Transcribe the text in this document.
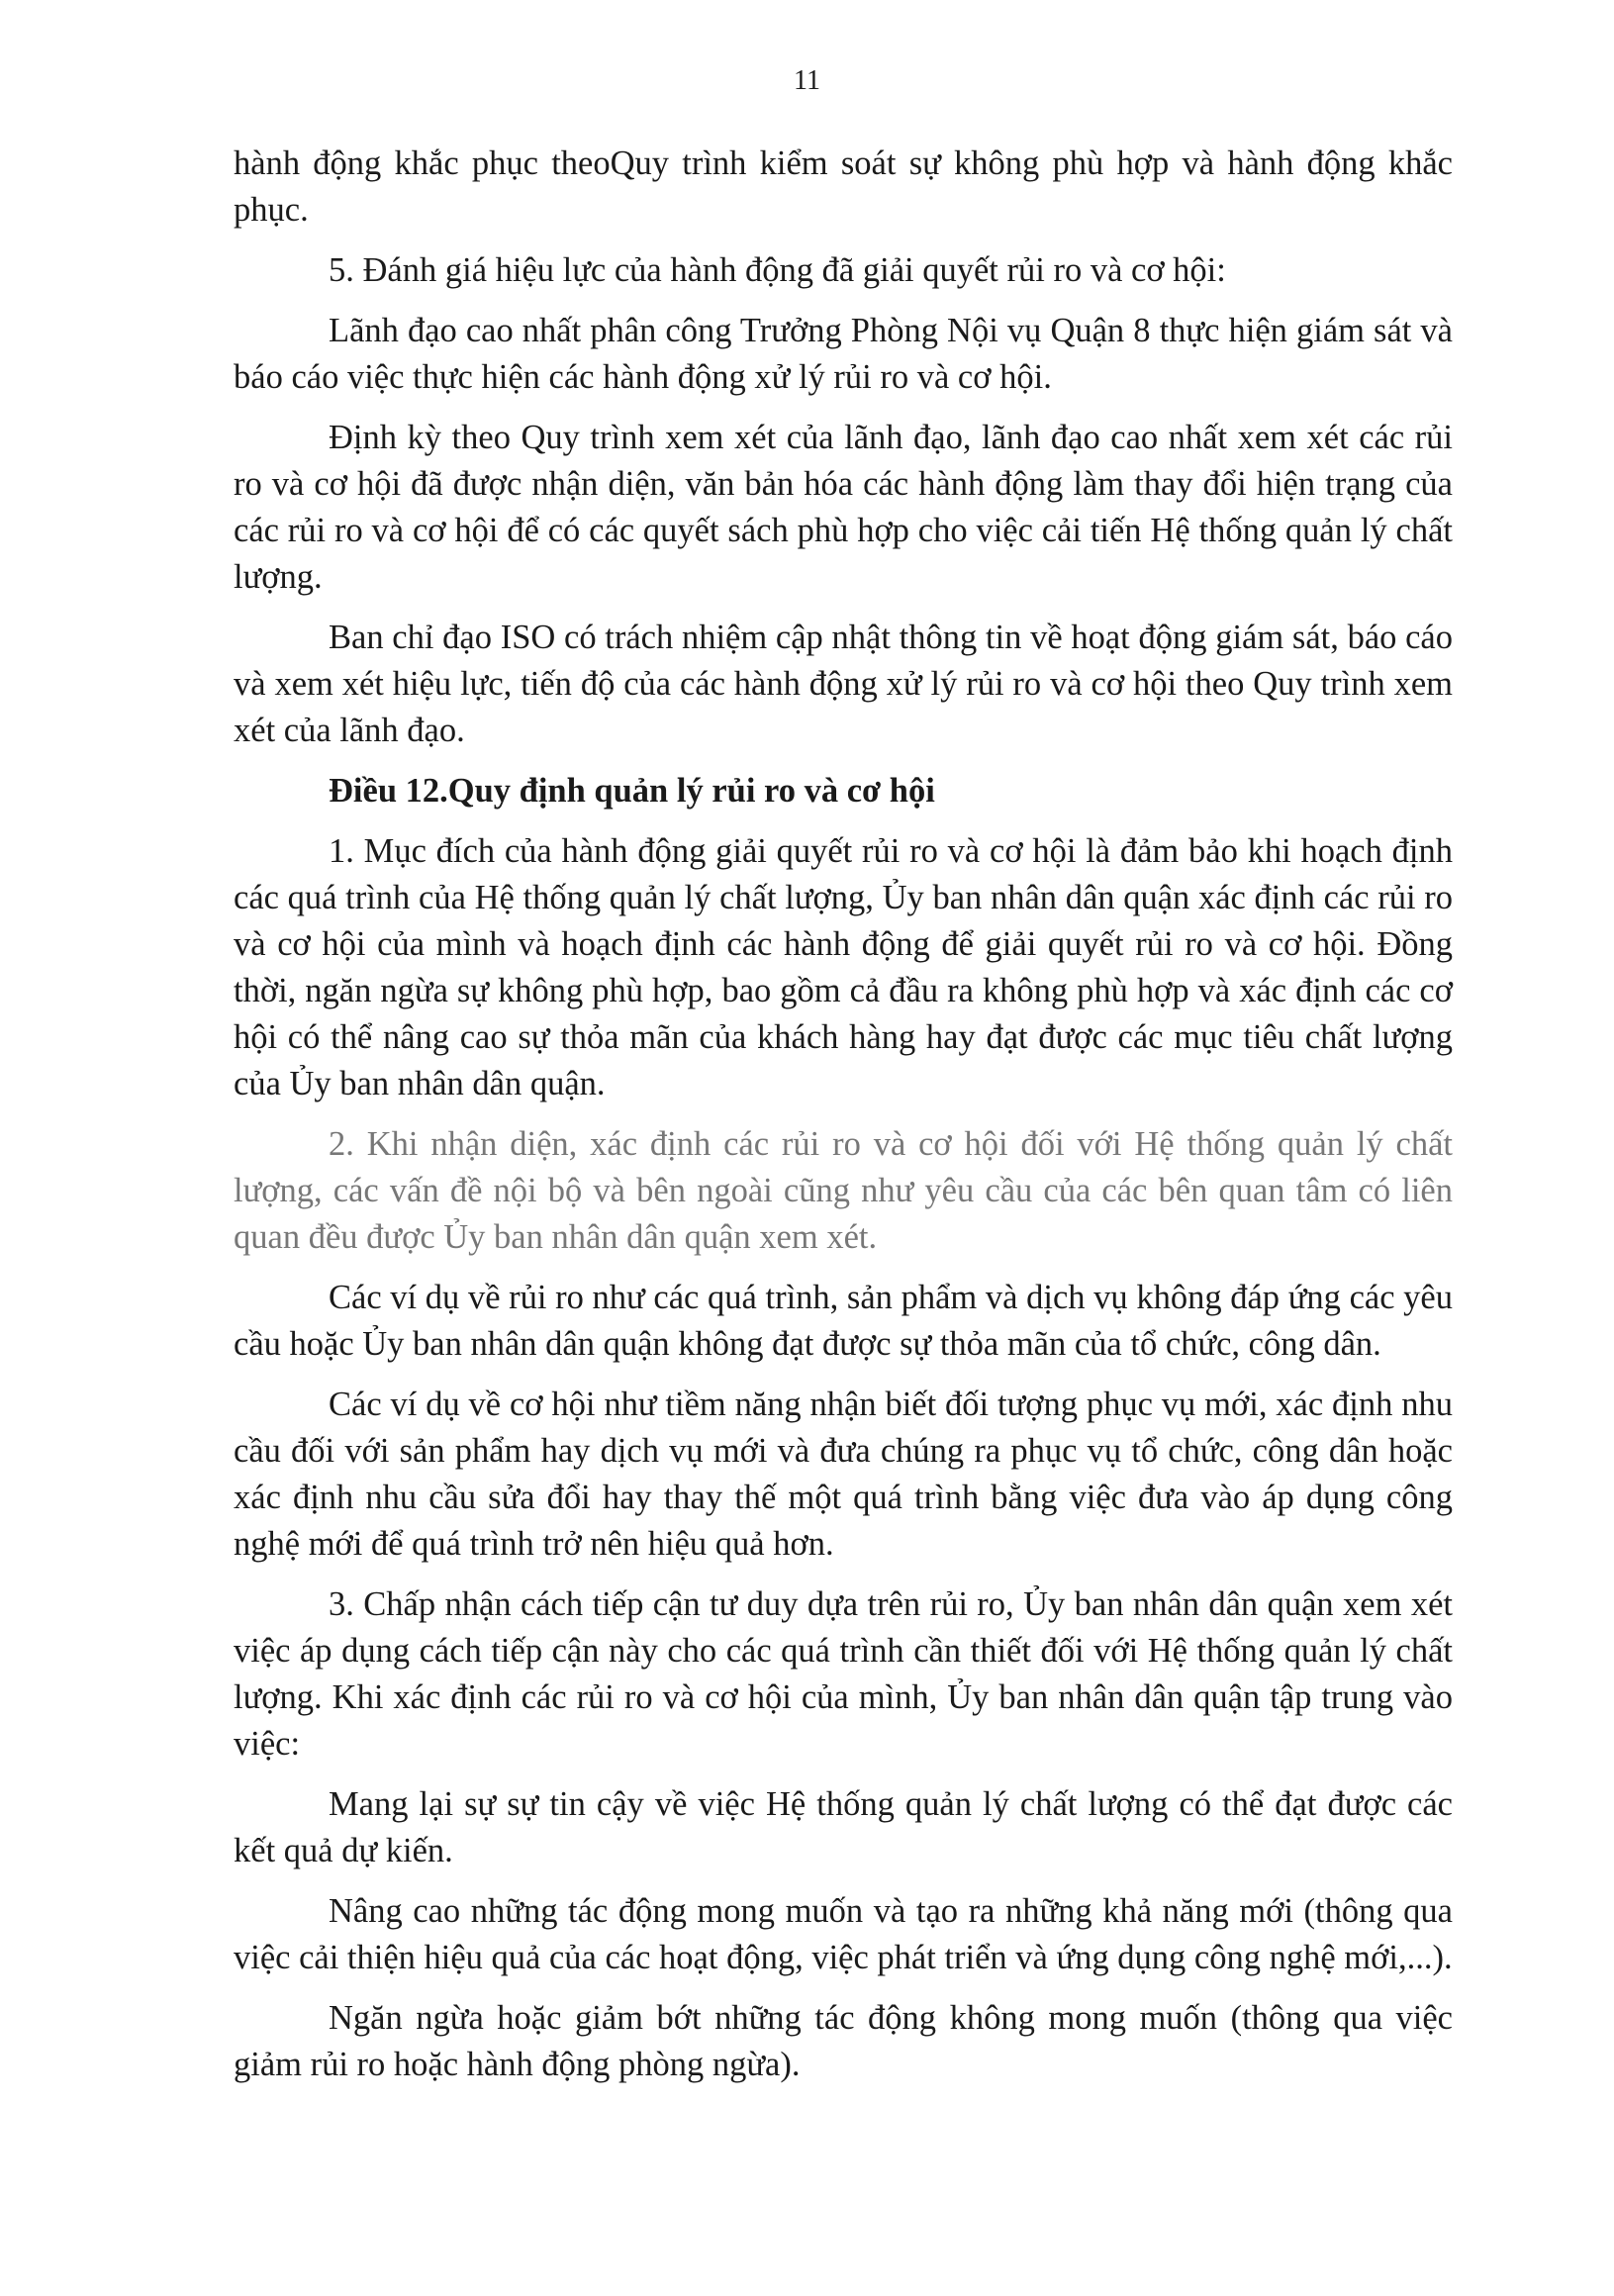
11

hành động khắc phục theoQuy trình kiểm soát sự không phù hợp và hành động khắc phục.

5. Đánh giá hiệu lực của hành động đã giải quyết rủi ro và cơ hội:

Lãnh đạo cao nhất phân công Trưởng Phòng Nội vụ Quận 8 thực hiện giám sát và báo cáo việc thực hiện các hành động xử lý rủi ro và cơ hội.

Định kỳ theo Quy trình xem xét của lãnh đạo, lãnh đạo cao nhất xem xét các rủi ro và cơ hội đã được nhận diện, văn bản hóa các hành động làm thay đổi hiện trạng của các rủi ro và cơ hội để có các quyết sách phù hợp cho việc cải tiến Hệ thống quản lý chất lượng.

Ban chỉ đạo ISO có trách nhiệm cập nhật thông tin về hoạt động giám sát, báo cáo và xem xét hiệu lực, tiến độ của các hành động xử lý rủi ro và cơ hội theo Quy trình xem xét của lãnh đạo.

Điều 12.Quy định quản lý rủi ro và cơ hội

1. Mục đích của hành động giải quyết rủi ro và cơ hội là đảm bảo khi hoạch định các quá trình của Hệ thống quản lý chất lượng, Ủy ban nhân dân quận xác định các rủi ro và cơ hội của mình và hoạch định các hành động để giải quyết rủi ro và cơ hội. Đồng thời, ngăn ngừa sự không phù hợp, bao gồm cả đầu ra không phù hợp và xác định các cơ hội có thể nâng cao sự thỏa mãn của khách hàng hay đạt được các mục tiêu chất lượng của Ủy ban nhân dân quận.

2. Khi nhận diện, xác định các rủi ro và cơ hội đối với Hệ thống quản lý chất lượng, các vấn đề nội bộ và bên ngoài cũng như yêu cầu của các bên quan tâm có liên quan đều được Ủy ban nhân dân quận xem xét.

Các ví dụ về rủi ro như các quá trình, sản phẩm và dịch vụ không đáp ứng các yêu cầu hoặc Ủy ban nhân dân quận không đạt được sự thỏa mãn của tổ chức, công dân.

Các ví dụ về cơ hội như tiềm năng nhận biết đối tượng phục vụ mới, xác định nhu cầu đối với sản phẩm hay dịch vụ mới và đưa chúng ra phục vụ tổ chức, công dân hoặc xác định nhu cầu sửa đổi hay thay thế một quá trình bằng việc đưa vào áp dụng công nghệ mới để quá trình trở nên hiệu quả hơn.

3. Chấp nhận cách tiếp cận tư duy dựa trên rủi ro, Ủy ban nhân dân quận xem xét việc áp dụng cách tiếp cận này cho các quá trình cần thiết đối với Hệ thống quản lý chất lượng. Khi xác định các rủi ro và cơ hội của mình, Ủy ban nhân dân quận tập trung vào việc:

Mang lại sự sự tin cậy về việc Hệ thống quản lý chất lượng có thể đạt được các kết quả dự kiến.

Nâng cao những tác động mong muốn và tạo ra những khả năng mới (thông qua việc cải thiện hiệu quả của các hoạt động, việc phát triển và ứng dụng công nghệ mới,...).

Ngăn ngừa hoặc giảm bớt những tác động không mong muốn (thông qua việc giảm rủi ro hoặc hành động phòng ngừa).
